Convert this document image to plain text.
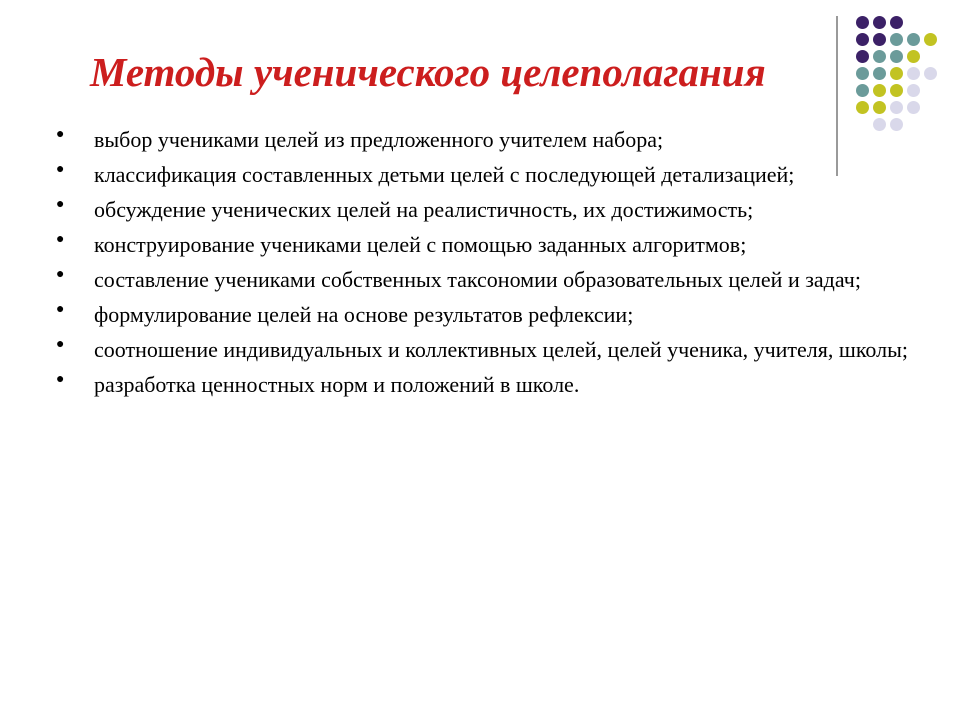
Методы ученического целеполагания
● выбор учениками целей из предложенного учителем набора;
● классификация составленных детьми целей с последующей детализацией;
● обсуждение ученических целей на реалистичность, их достижимость;
● конструирование учениками целей с помощью заданных алгоритмов;
● составление учениками собственных таксономии образовательных целей и задач;
● формулирование целей на основе результатов рефлексии;
● соотношение индивидуальных и коллективных целей, целей ученика, учителя, школы;
● разработка ценностных норм и положений в школе.
